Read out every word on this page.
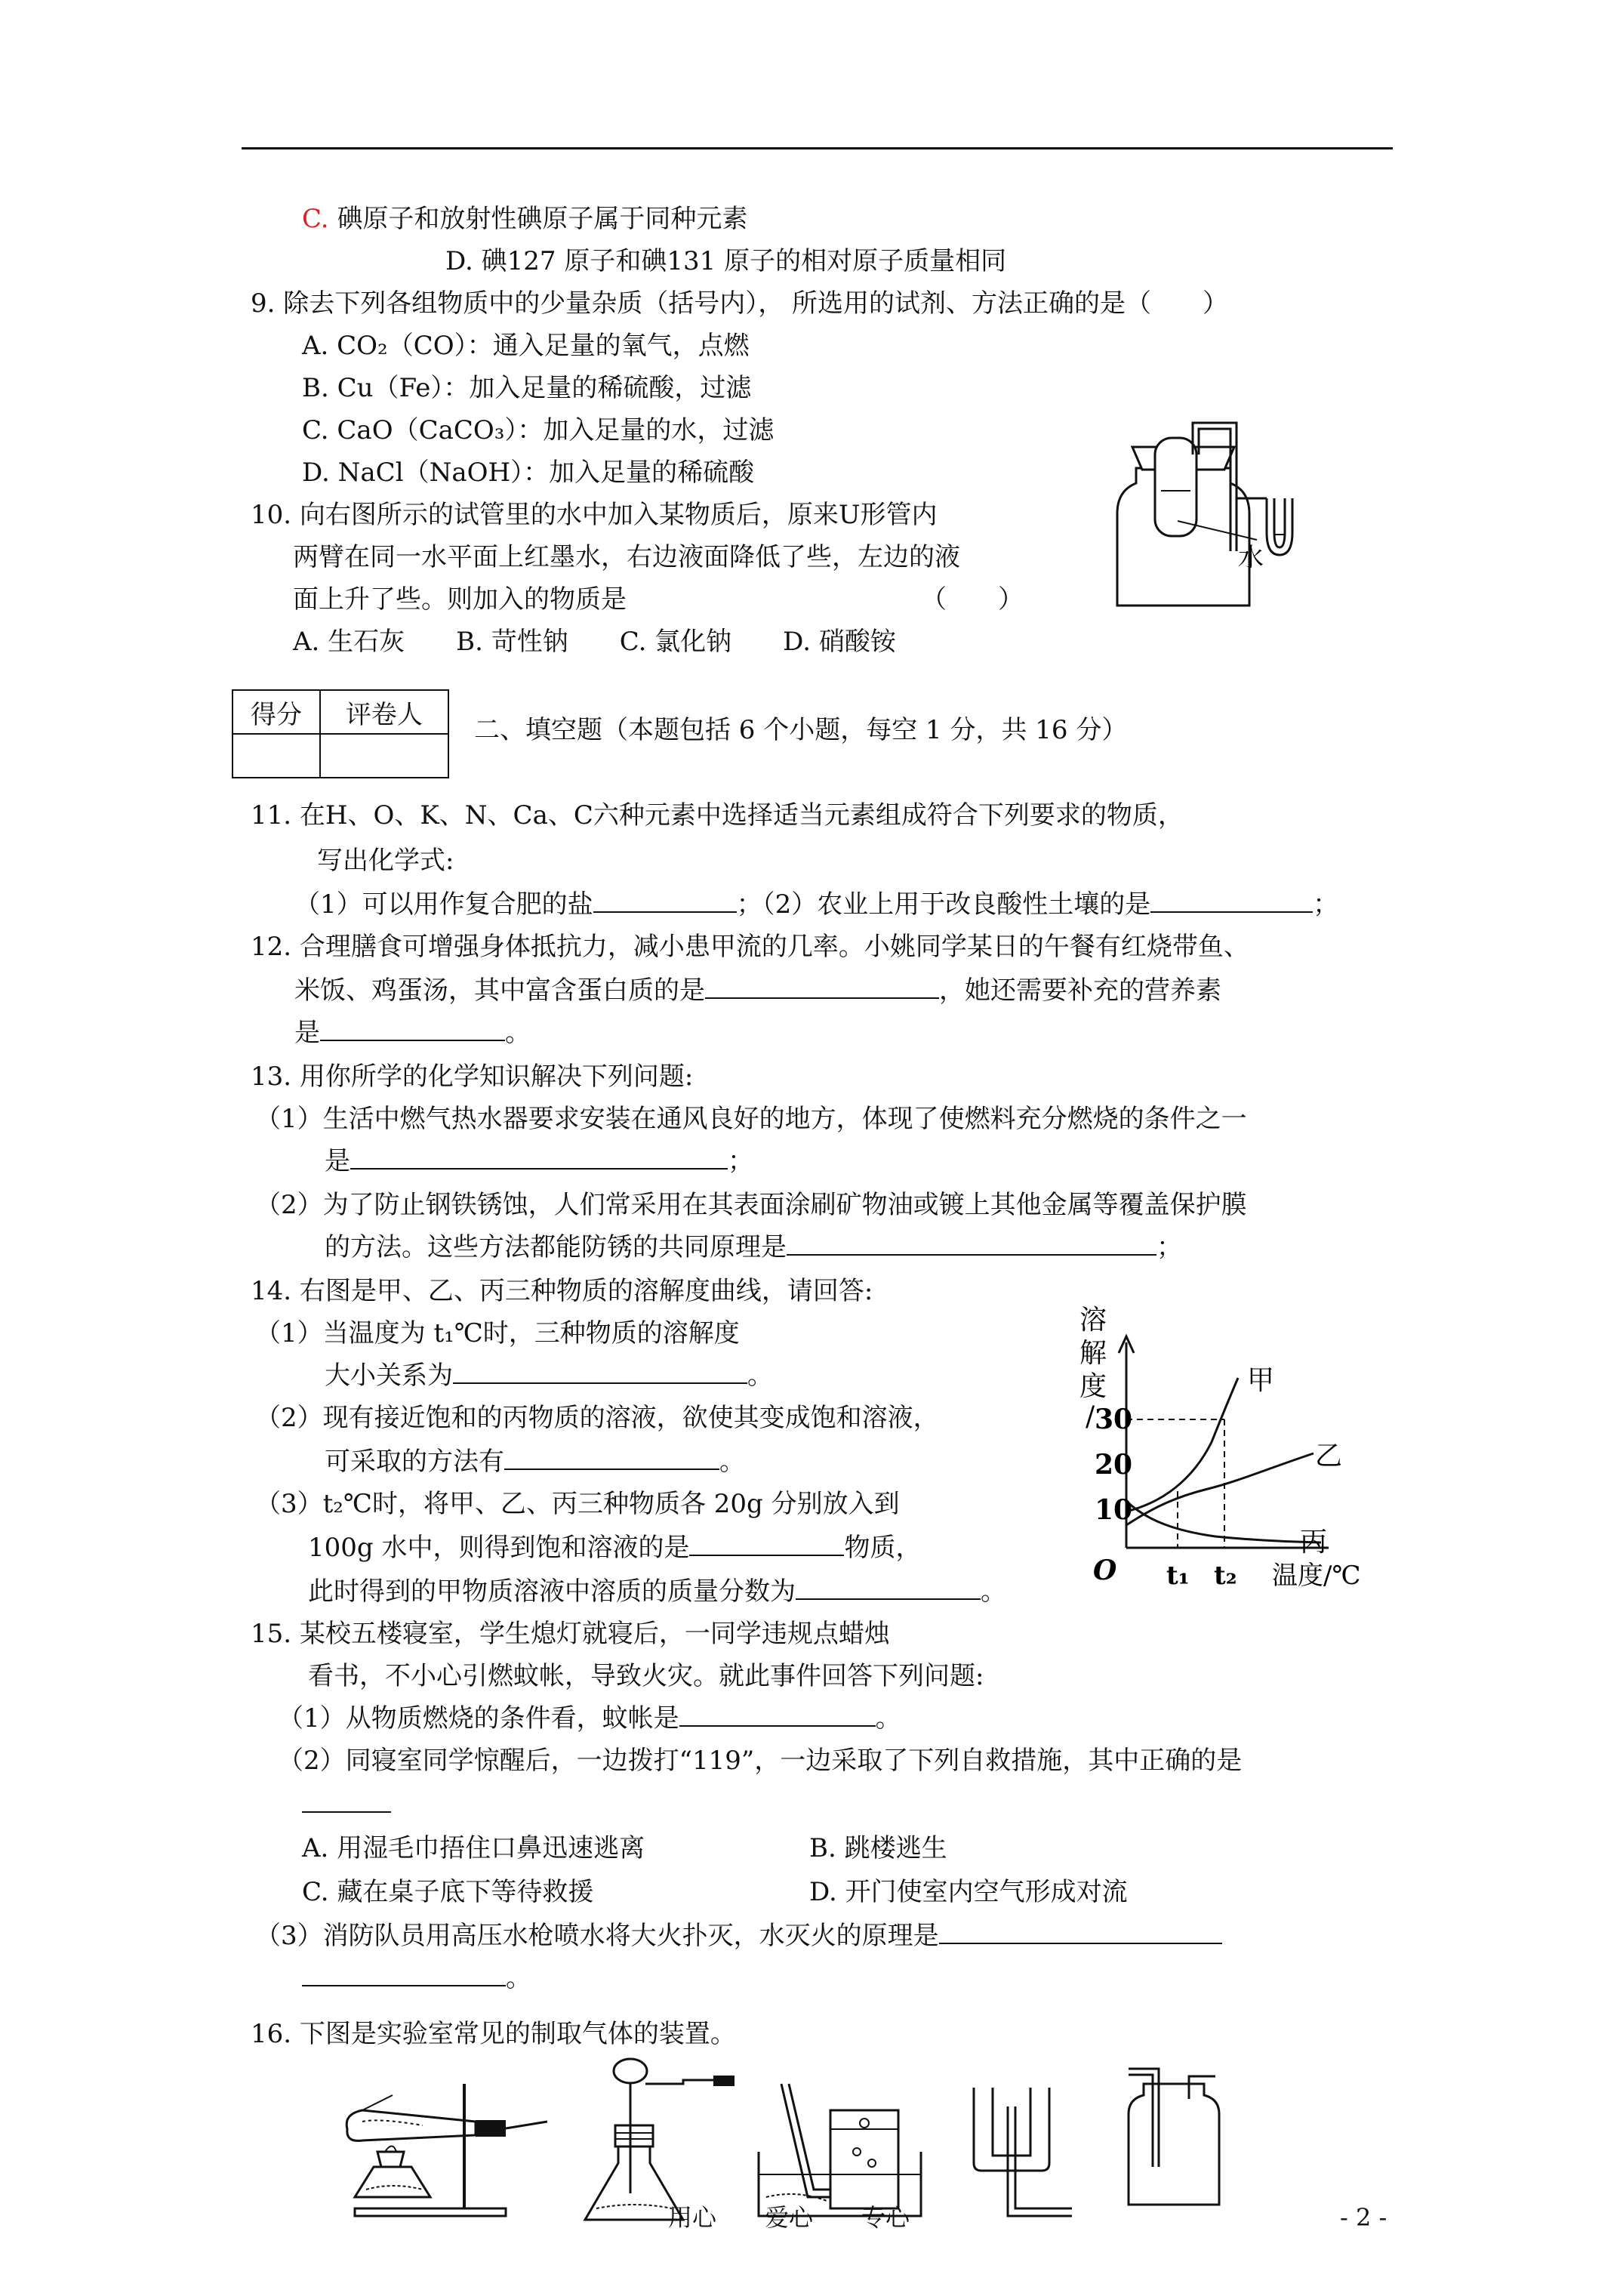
C. 碘原子和放射性碘原子属于同种元素
D. 碘127 原子和碘131 原子的相对原子质量相同
9. 除去下列各组物质中的少量杂质（括号内）， 所选用的试剂、方法正确的是（　　）
A. CO₂（CO）：通入足量的氧气，点燃
B. Cu（Fe）：加入足量的稀硫酸，过滤
C. CaO（CaCO₃）：加入足量的水，过滤
D. NaCl（NaOH）：加入足量的稀硫酸
10. 向右图所示的试管里的水中加入某物质后，原来U形管内
两臂在同一水平面上红墨水，右边液面降低了些，左边的液
面上升了些。则加入的物质是	（　　）
A. 生石灰　　B. 苛性钠　　C. 氯化钠　　D. 硝酸铵
水
得分	评卷人

二、填空题（本题包括 6 个小题，每空 1 分，共 16 分）
11. 在H、O、K、N、Ca、C六种元素中选择适当元素组成符合下列要求的物质，
写出化学式:
（1）可以用作复合肥的盐	；（2）农业上用于改良酸性土壤的是	；
12. 合理膳食可增强身体抵抗力，减小患甲流的几率。小姚同学某日的午餐有红烧带鱼、
米饭、鸡蛋汤，其中富含蛋白质的是	，她还需要补充的营养素
是	。
13. 用你所学的化学知识解决下列问题:
（1）生活中燃气热水器要求安装在通风良好的地方，体现了使燃料充分燃烧的条件之一
是	；
（2）为了防止钢铁锈蚀，人们常采用在其表面涂刷矿物油或镀上其他金属等覆盖保护膜
的方法。这些方法都能防锈的共同原理是	；
14. 右图是甲、乙、丙三种物质的溶解度曲线，请回答:
（1）当温度为 t₁℃时，三种物质的溶解度
大小关系为	。
（2）现有接近饱和的丙物质的溶液，欲使其变成饱和溶液，
可采取的方法有	。
（3）t₂℃时，将甲、乙、丙三种物质各 20g 分别放入到
100g 水中，则得到饱和溶液的是	物质，
此时得到的甲物质溶液中溶质的质量分数为	。
溶解度/ 30
20
10
O t₁ t₂ 温度/℃
甲
乙
丙
15. 某校五楼寝室，学生熄灯就寝后，一同学违规点蜡烛
看书，不小心引燃蚊帐，导致火灾。就此事件回答下列问题:
（1）从物质燃烧的条件看，蚊帐是	。
（2）同寝室同学惊醒后，一边拨打“119”，一边采取了下列自救措施，其中正确的是
A. 用湿毛巾捂住口鼻迅速逃离	B. 跳楼逃生
C. 藏在桌子底下等待救援	D. 开门使室内空气形成对流
（3）消防队员用高压水枪喷水将大火扑灭，水灭火的原理是
。
16. 下图是实验室常见的制取气体的装置。
用心　　爱心　　专心	- 2 -
